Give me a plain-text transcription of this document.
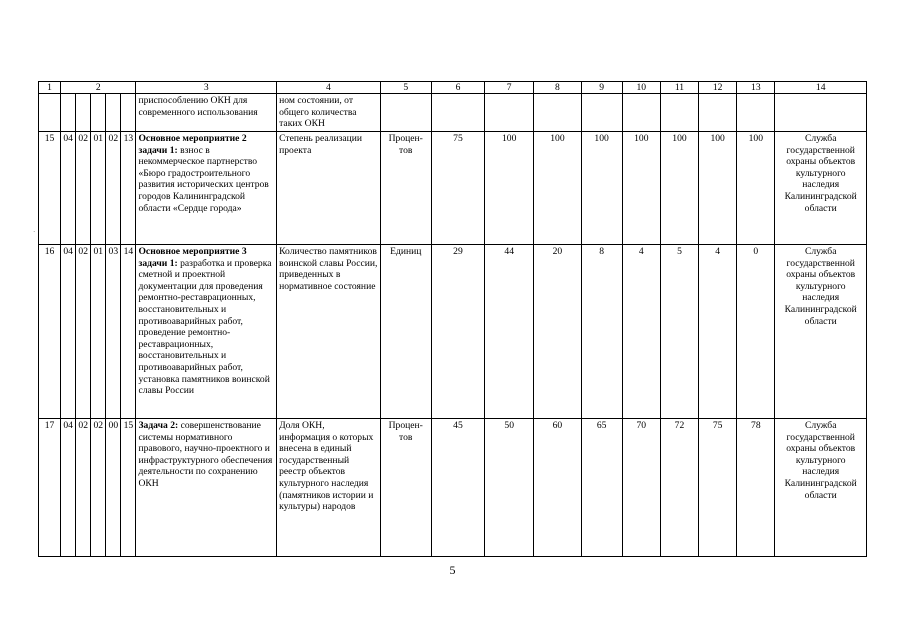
·
1	2					3	4	5	6	7	8	9	10	11	12	13	14
						приспособлению ОКН для современного использования	ном состоянии, от общего количества таких ОКН										
15	04	02	01	02	13	Основное мероприятие 2 задачи 1: взнос в некоммерческое партнерство «Бюро градостроительного развития исторических центров городов Калининградской области «Сердце города»	Степень реализации проекта	Процен-тов	75	100	100	100	100	100	100	100	Служба государственной охраны объектов культурного наследия Калининградской области
16	04	02	01	03	14	Основное мероприятие 3 задачи 1: разработка и проверка сметной и проектной документации для проведения ремонтно-реставрационных, восстановительных и противоаварийных работ, проведение ремонтно-реставрационных, восстановительных и противоаварийных работ, установка памятников воинской славы России	Количество памятников воинской славы России, приведенных в нормативное состояние	Единиц	29	44	20	8	4	5	4	0	Служба государственной охраны объектов культурного наследия Калининградской области
17	04	02	02	00	15	Задача 2: совершенствование системы нормативного правового, научно-проектного и инфраструктурного обеспечения деятельности по сохранению ОКН	Доля ОКН, информация о которых внесена в единый государственный реестр объектов культурного наследия (памятников истории и культуры) народов	Процен-тов	45	50	60	65	70	72	75	78	Служба государственной охраны объектов культурного наследия Калининградской области
5
